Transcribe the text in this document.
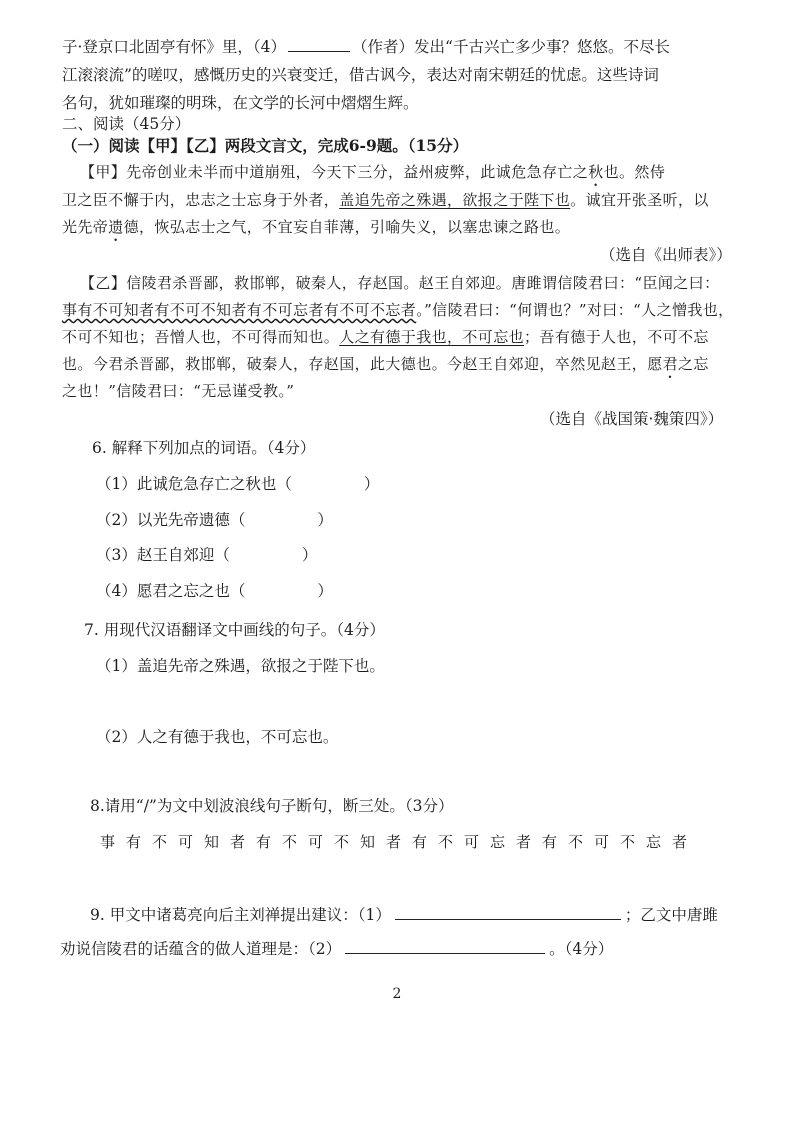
子·登京口北固亭有怀》里，（4）	（作者）发出“千古兴亡多少事？悠悠。不尽长
江滚滚流”的嗟叹，感慨历史的兴衰变迁，借古讽今，表达对南宋朝廷的忧虑。这些诗词
名句，犹如璀璨的明珠，在文学的长河中熠熠生辉。
二、阅读（45分）
（一）阅读【甲】【乙】两段文言文，完成6-9题。（15分）
【甲】先帝创业未半而中道崩殂，今天下三分，益州疲弊，此诚危急存亡之秋也。然侍
卫之臣不懈于内，忠志之士忘身于外者，盖追先帝之殊遇，欲报之于陛下也。诚宜开张圣听，以
光先帝遗德，恢弘志士之气，不宜妄自菲薄，引喻失义，以塞忠谏之路也。
（选自《出师表》）
【乙】信陵君杀晋鄙，救邯郸，破秦人，存赵国。赵王自郊迎。唐雎谓信陵君曰：“臣闻之曰：
事有不可知者有不可不知者有不可忘者有不可不忘者。”信陵君曰：“何谓也？”对曰：“人之憎我也，
不可不知也；吾憎人也，不可得而知也。人之有德于我也，不可忘也；吾有德于人也，不可不忘
也。今君杀晋鄙，救邯郸，破秦人，存赵国，此大德也。今赵王自郊迎，卒然见赵王，愿君之忘
之也！”信陵君曰：“无忌谨受教。”
（选自《战国策·魏策四》）
6. 解释下列加点的词语。（4分）
（1）此诚危急存亡之秋也（	）
（2）以光先帝遗德（	）
（3）赵王自郊迎（	）
（4）愿君之忘之也（	）
7. 用现代汉语翻译文中画线的句子。（4分）
（1）盖追先帝之殊遇，欲报之于陛下也。
（2）人之有德于我也，不可忘也。
8.请用“/”为文中划波浪线句子断句，断三处。（3分）
事有不可知者有不可不知者有不可忘者有不可不忘者
9. 甲文中诸葛亮向后主刘禅提出建议：（1）	；乙文中唐雎
劝说信陵君的话蕴含的做人道理是：（2）	。（4分）
2
